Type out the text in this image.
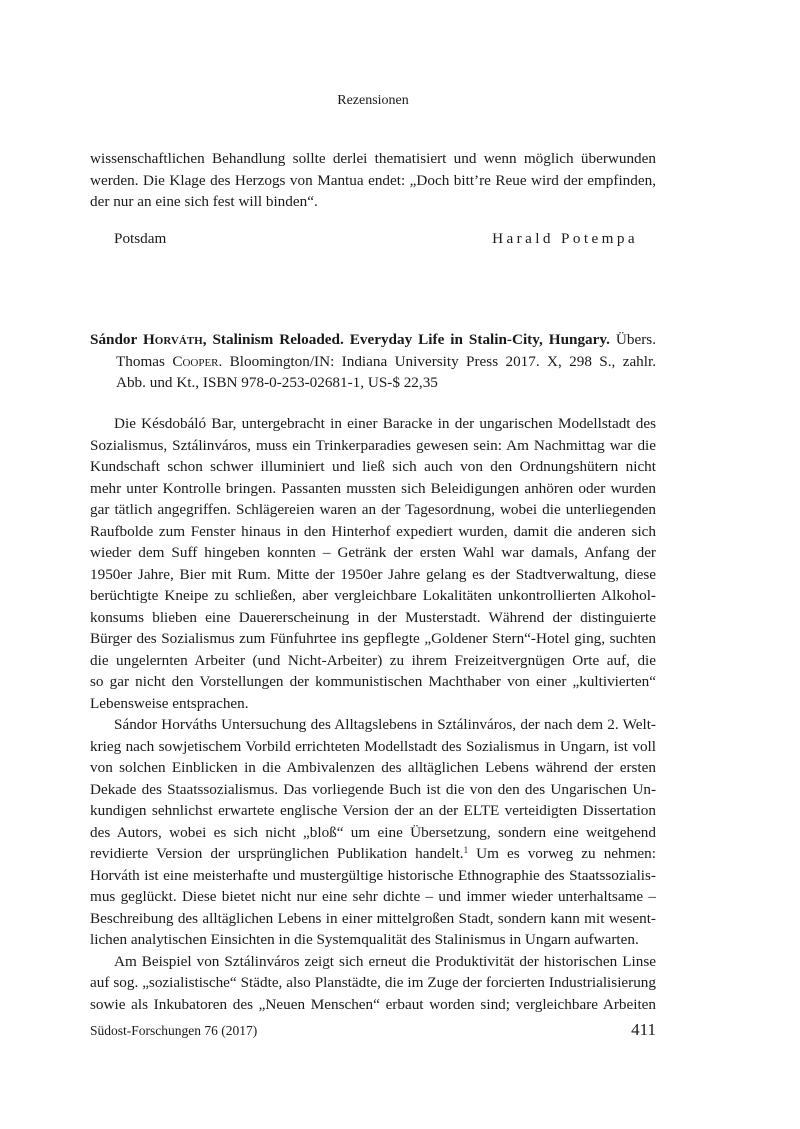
Rezensionen
wissenschaftlichen Behandlung sollte derlei thematisiert und wenn möglich überwunden
werden. Die Klage des Herzogs von Mantua endet: „Doch bitt’re Reue wird der empfinden,
der nur an eine sich fest will binden“.
Potsdam	Harald Potempa
Sándor Horváth, Stalinism Reloaded. Everyday Life in Stalin-City, Hungary. Übers.
Thomas Cooper. Bloomington/IN: Indiana University Press 2017. X, 298 S., zahlr.
Abb. und Kt., ISBN 978-0-253-02681-1, US-$ 22,35
Die Késdobáló Bar, untergebracht in einer Baracke in der ungarischen Modellstadt des
Sozialismus, Sztálinváros, muss ein Trinkerparadies gewesen sein: Am Nachmittag war die
Kundschaft schon schwer illuminiert und ließ sich auch von den Ordnungshütern nicht
mehr unter Kontrolle bringen. Passanten mussten sich Beleidigungen anhören oder wurden
gar tätlich angegriffen. Schlägereien waren an der Tagesordnung, wobei die unterliegenden
Raufbolde zum Fenster hinaus in den Hinterhof expediert wurden, damit die anderen sich
wieder dem Suff hingeben konnten – Getränk der ersten Wahl war damals, Anfang der
1950er Jahre, Bier mit Rum. Mitte der 1950er Jahre gelang es der Stadtverwaltung, diese
berüchtigte Kneipe zu schließen, aber vergleichbare Lokalitäten unkontrollierten Alkohol-
konsums blieben eine Dauererscheinung in der Musterstadt. Während der distinguierte
Bürger des Sozialismus zum Fünfuhrtee ins gepflegte „Goldener Stern“-Hotel ging, suchten
die ungelernten Arbeiter (und Nicht-Arbeiter) zu ihrem Freizeitvergnügen Orte auf, die
so gar nicht den Vorstellungen der kommunistischen Machthaber von einer „kultivierten“
Lebensweise entsprachen.
Sándor Horváths Untersuchung des Alltagslebens in Sztálinváros, der nach dem 2. Welt-
krieg nach sowjetischem Vorbild errichteten Modellstadt des Sozialismus in Ungarn, ist voll
von solchen Einblicken in die Ambivalenzen des alltäglichen Lebens während der ersten
Dekade des Staatssozialismus. Das vorliegende Buch ist die von den des Ungarischen Un-
kundigen sehnlichst erwartete englische Version der an der ELTE verteidigten Dissertation
des Autors, wobei es sich nicht „bloß“ um eine Übersetzung, sondern eine weitgehend
revidierte Version der ursprünglichen Publikation handelt.$^1$ Um es vorweg zu nehmen:
Horváth ist eine meisterhafte und mustergültige historische Ethnographie des Staatssozialis-
mus geglückt. Diese bietet nicht nur eine sehr dichte – und immer wieder unterhaltsame –
Beschreibung des alltäglichen Lebens in einer mittelgroßen Stadt, sondern kann mit wesent-
lichen analytischen Einsichten in die Systemqualität des Stalinismus in Ungarn aufwarten.
Am Beispiel von Sztálinváros zeigt sich erneut die Produktivität der historischen Linse
auf sog. „sozialistische“ Städte, also Planstädte, die im Zuge der forcierten Industrialisierung
sowie als Inkubatoren des „Neuen Menschen“ erbaut worden sind; vergleichbare Arbeiten
Südost-Forschungen 76 (2017)	411
